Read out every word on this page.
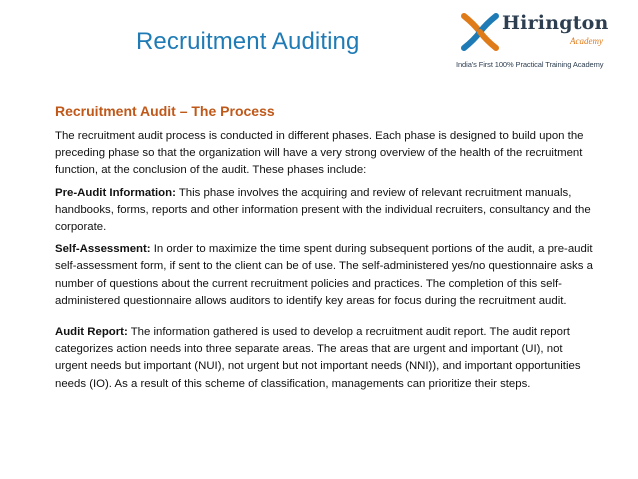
Recruitment Auditing
Hirington
Academy
India's First 100% Practical Training Academy
Recruitment Audit – The Process

The recruitment audit process is conducted in different phases. Each phase is designed to build upon the preceding phase so that the organization will have a very strong overview of the health of the recruitment function, at the conclusion of the audit. These phases include:

Pre-Audit Information: This phase involves the acquiring and review of relevant recruitment manuals, handbooks, forms, reports and other information present with the individual recruiters, consultancy and the corporate.

Self-Assessment: In order to maximize the time spent during subsequent portions of the audit, a pre-audit self-assessment form, if sent to the client can be of use. The self-administered yes/no questionnaire asks a number of questions about the current recruitment policies and practices. The completion of this self-administered questionnaire allows auditors to identify key areas for focus during the recruitment audit.

Audit Report: The information gathered is used to develop a recruitment audit report. The audit report categorizes action needs into three separate areas. The areas that are urgent and important (UI), not urgent needs but important (NUI), not urgent but not important needs (NNI)), and important opportunities needs (IO). As a result of this scheme of classification, managements can prioritize their steps.
